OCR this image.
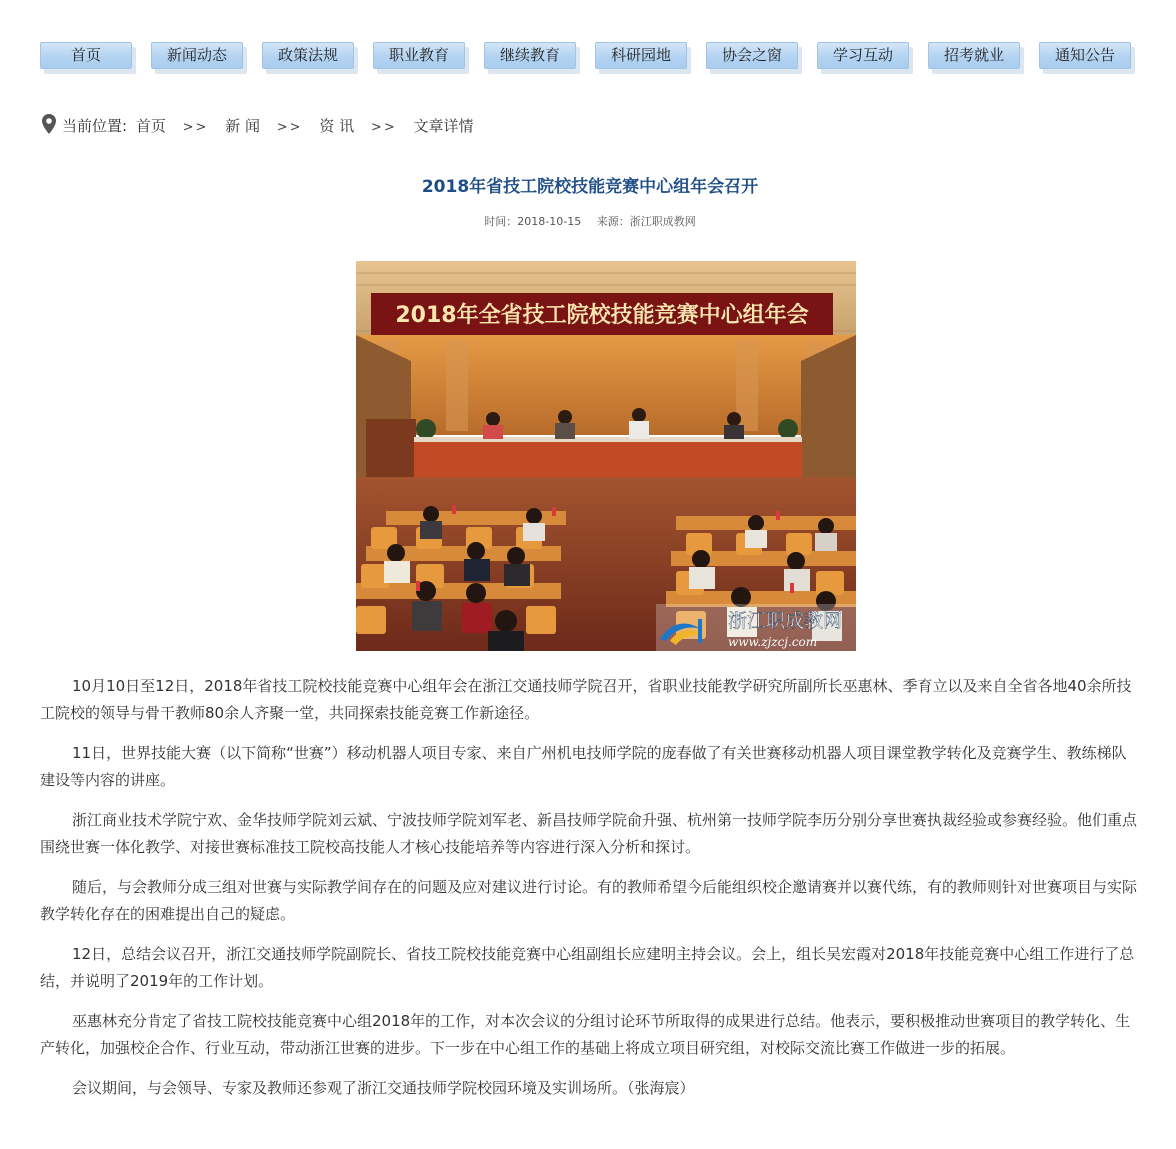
首页	新闻动态	政策法规	职业教育	继续教育	科研园地	协会之窗	学习互动	招考就业	通知公告
当前位置: 首页 >> 新 闻 >> 资 讯 >> 文章详情
2018年省技工院校技能竞赛中心组年会召开
时间：2018-10-15 来源：浙江职成教网
2018年全省技工院校技能竞赛中心组年会
浙江职成教网
www.zjzcj.com

10月10日至12日，2018年省技工院校技能竞赛中心组年会在浙江交通技师学院召开，省职业技能教学研究所副所长巫惠林、季育立以及来自全省各地40余所技工院校的领导与骨干教师80余人齐聚一堂，共同探索技能竞赛工作新途径。

11日，世界技能大赛（以下简称“世赛”）移动机器人项目专家、来自广州机电技师学院的庞春做了有关世赛移动机器人项目课堂教学转化及竞赛学生、教练梯队建设等内容的讲座。

浙江商业技术学院宁欢、金华技师学院刘云斌、宁波技师学院刘军老、新昌技师学院俞升强、杭州第一技师学院李历分别分享世赛执裁经验或参赛经验。他们重点围绕世赛一体化教学、对接世赛标准技工院校高技能人才核心技能培养等内容进行深入分析和探讨。

随后，与会教师分成三组对世赛与实际教学间存在的问题及应对建议进行讨论。有的教师希望今后能组织校企邀请赛并以赛代练，有的教师则针对世赛项目与实际教学转化存在的困难提出自己的疑虑。

12日，总结会议召开，浙江交通技师学院副院长、省技工院校技能竞赛中心组副组长应建明主持会议。会上，组长吴宏霞对2018年技能竞赛中心组工作进行了总结，并说明了2019年的工作计划。

巫惠林充分肯定了省技工院校技能竞赛中心组2018年的工作，对本次会议的分组讨论环节所取得的成果进行总结。他表示，要积极推动世赛项目的教学转化、生产转化，加强校企合作、行业互动，带动浙江世赛的进步。下一步在中心组工作的基础上将成立项目研究组，对校际交流比赛工作做进一步的拓展。

会议期间，与会领导、专家及教师还参观了浙江交通技师学院校园环境及实训场所。（张海宸）
